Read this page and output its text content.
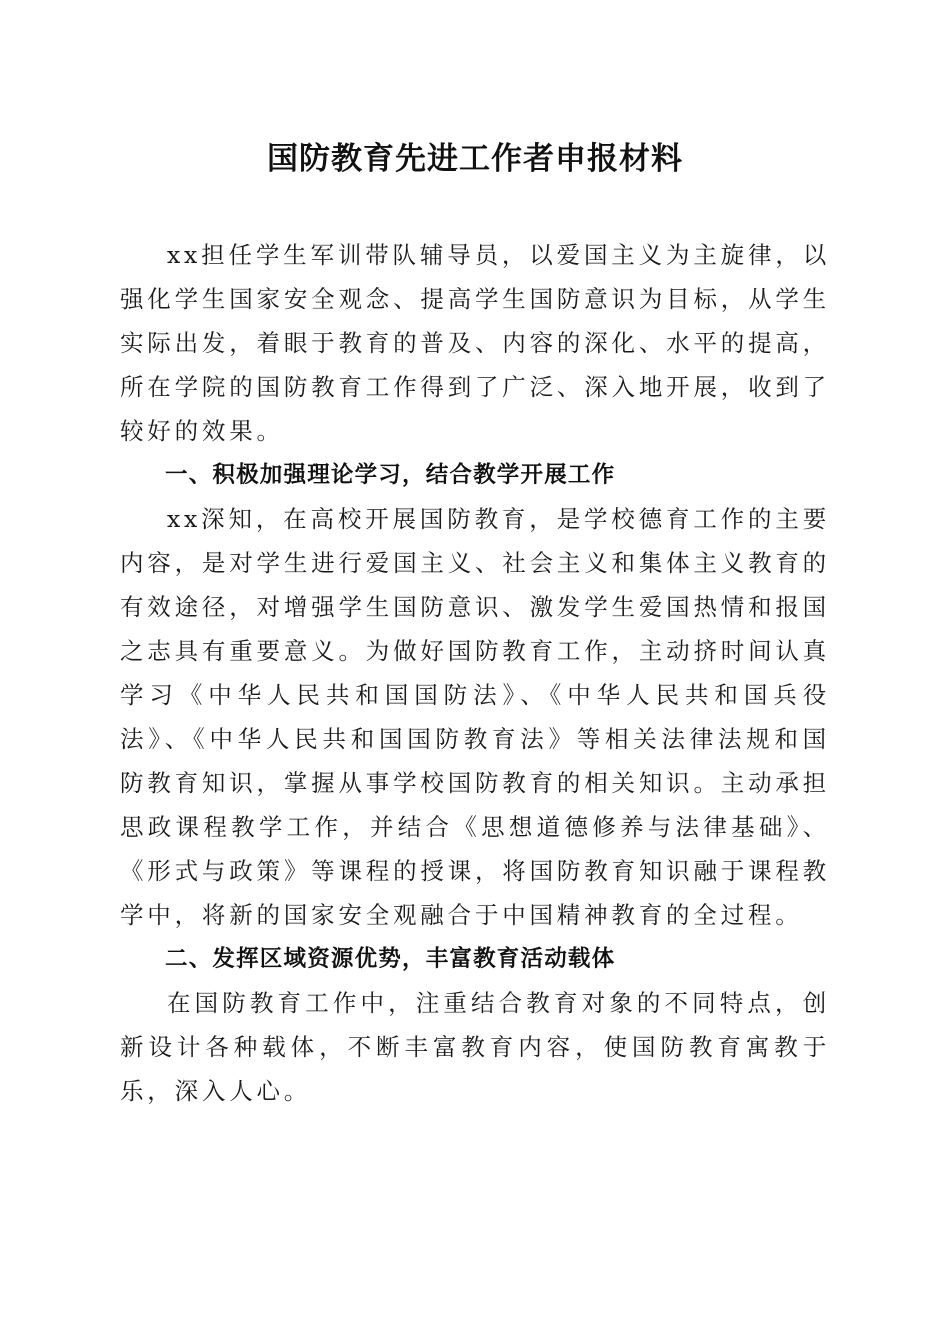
国防教育先进工作者申报材料

xx担任学生军训带队辅导员，以爱国主义为主旋律，以强化学生国家安全观念、提高学生国防意识为目标，从学生实际出发，着眼于教育的普及、内容的深化、水平的提高，所在学院的国防教育工作得到了广泛、深入地开展，收到了较好的效果。

一、积极加强理论学习，结合教学开展工作

xx深知，在高校开展国防教育，是学校德育工作的主要内容，是对学生进行爱国主义、社会主义和集体主义教育的有效途径，对增强学生国防意识、激发学生爱国热情和报国之志具有重要意义。为做好国防教育工作，主动挤时间认真学习《中华人民共和国国防法》、《中华人民共和国兵役法》、《中华人民共和国国防教育法》等相关法律法规和国防教育知识，掌握从事学校国防教育的相关知识。主动承担思政课程教学工作，并结合《思想道德修养与法律基础》、《形式与政策》等课程的授课，将国防教育知识融于课程教学中，将新的国家安全观融合于中国精神教育的全过程。

二、发挥区域资源优势，丰富教育活动载体

在国防教育工作中，注重结合教育对象的不同特点，创新设计各种载体，不断丰富教育内容，使国防教育寓教于乐，深入人心。
